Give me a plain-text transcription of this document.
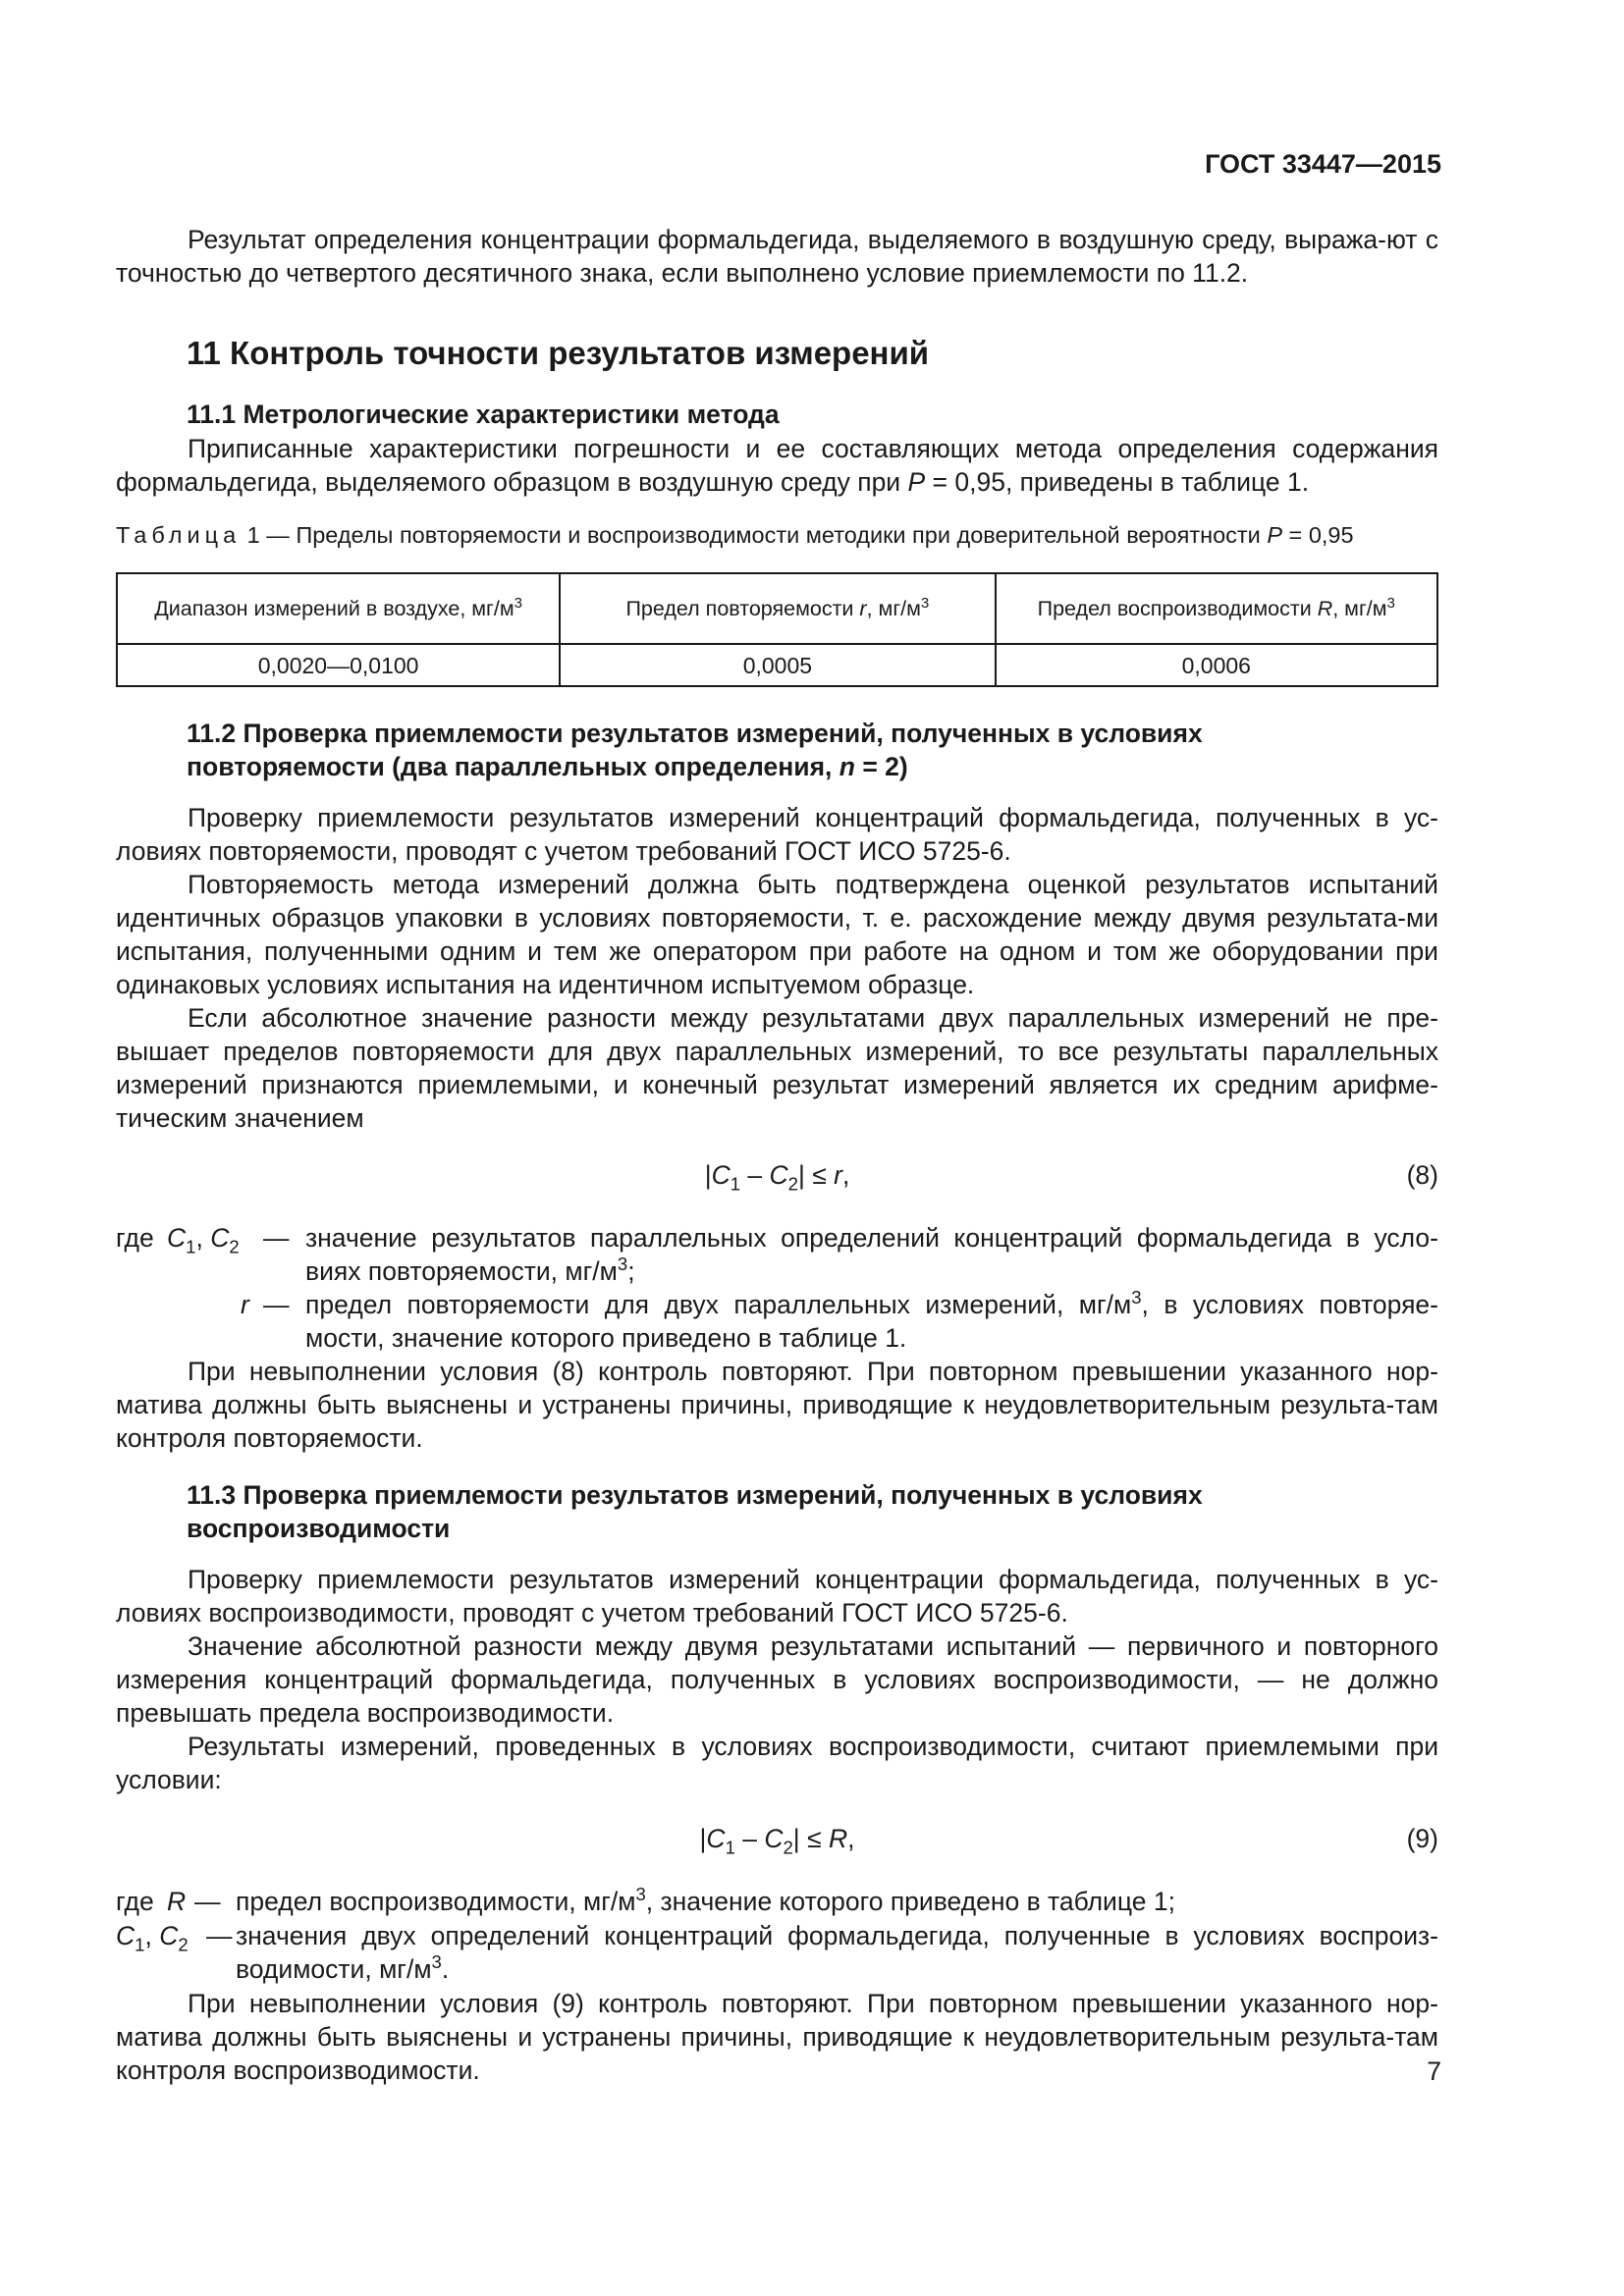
ГОСТ 33447—2015

Результат определения концентрации формальдегида, выделяемого в воздушную среду, выража-ют с точностью до четвертого десятичного знака, если выполнено условие приемлемости по 11.2.

11 Контроль точности результатов измерений
11.1 Метрологические характеристики метода

Приписанные характеристики погрешности и ее составляющих метода определения содержания формальдегида, выделяемого образцом в воздушную среду при P = 0,95, приведены в таблице 1.

Таблица 1 — Пределы повторяемости и воспроизводимости методики при доверительной вероятности P = 0,95
Диапазон измерений в воздухе, $мг/м^3$	Предел повторяемости r, $мг/м^3$	Предел воспроизводимости R, $мг/м^3$
0,0020—0,0100	0,0005	0,0006
11.2 Проверка приемлемости результатов измерений, полученных в условиях
повторяемости (два параллельных определения, n = 2)

Проверку приемлемости результатов измерений концентраций формальдегида, полученных в ус-ловиях повторяемости, проводят с учетом требований ГОСТ ИСО 5725-6.

Повторяемость метода измерений должна быть подтверждена оценкой результатов испытаний идентичных образцов упаковки в условиях повторяемости, т. е. расхождение между двумя результата-ми испытания, полученными одним и тем же оператором при работе на одном и том же оборудовании при одинаковых условиях испытания на идентичном испытуемом образце.

Если абсолютное значение разности между результатами двух параллельных измерений не пре-вышает пределов повторяемости для двух параллельных измерений, то все результаты параллельных измерений признаются приемлемыми, и конечный результат измерений является их средним арифме-тическим значением

$|C_1 - C_2| \le r$,	(8)
где $C_1$, $C_2$ — значение результатов параллельных определений концентраций формальдегида в усло-виях повторяемости, $мг/м^3$;

r — предел повторяемости для двух параллельных измерений, $мг/м^3$, в условиях повторяе-мости, значение которого приведено в таблице 1.

При невыполнении условия (8) контроль повторяют. При повторном превышении указанного нор-матива должны быть выяснены и устранены причины, приводящие к неудовлетворительным результа-там контроля повторяемости.

11.3 Проверка приемлемости результатов измерений, полученных в условиях
воспроизводимости

Проверку приемлемости результатов измерений концентрации формальдегида, полученных в ус-ловиях воспроизводимости, проводят с учетом требований ГОСТ ИСО 5725-6.

Значение абсолютной разности между двумя результатами испытаний — первичного и повторного измерения концентраций формальдегида, полученных в условиях воспроизводимости, — не должно превышать предела воспроизводимости.

Результаты измерений, проведенных в условиях воспроизводимости, считают приемлемыми при условии:

$|C_1 - C_2| \le R$,	(9)
где R — предел воспроизводимости, $мг/м^3$, значение которого приведено в таблице 1;
$C_1$, $C_2$ — значения двух определений концентраций формальдегида, полученные в условиях воспроиз-водимости, $мг/м^3$.

При невыполнении условия (9) контроль повторяют. При повторном превышении указанного нор-матива должны быть выяснены и устранены причины, приводящие к неудовлетворительным результа-там контроля воспроизводимости.	7
